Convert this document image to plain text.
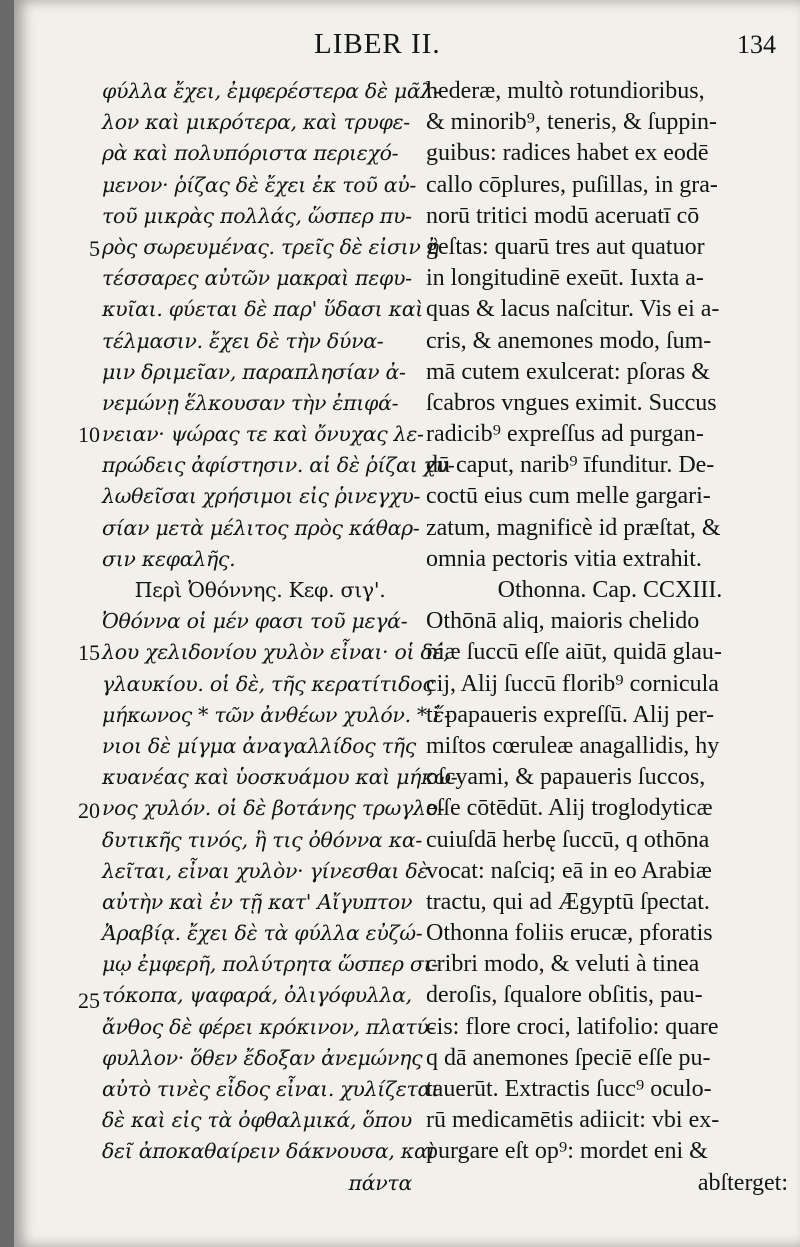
LIBER II.	134
φύλλα ἔχει, ἐμφερέστερα δὲ μᾶλ-
λον καὶ μικρότερα, καὶ τρυφε-
ρὰ καὶ πολυπόριστα περιεχό-
μενον· ῥίζας δὲ ἔχει ἐκ τοῦ αὐ-
τοῦ μικρὰς πολλάς, ὥσπερ πυ-
ρὸς σωρευμένας. τρεῖς δὲ εἰσιν ἢ
τέσσαρες αὐτῶν μακραὶ πεφυ-
κυῖαι. φύεται δὲ παρ' ὕδασι καὶ
τέλμασιν. ἔχει δὲ τὴν δύνα-
μιν δριμεῖαν, παραπλησίαν ἀ-
νεμώνῃ ἕλκουσαν τὴν ἐπιφά-
νειαν· ψώρας τε καὶ ὄνυχας λε-
πρώδεις ἀφίστησιν. αἱ δὲ ῥίζαι χυ-
λωθεῖσαι χρήσιμοι εἰς ῥινεγχυ-
σίαν μετὰ μέλιτος πρὸς κάθαρ-
σιν κεφαλῆς.
Περὶ Ὀθόννης. Κεφ. σιγ'.
Ὀθόννα οἱ μέν φασι τοῦ μεγά-
λου χελιδονίου χυλὸν εἶναι· οἱ δέ,
γλαυκίου. οἱ δὲ, τῆς κερατίτιδος
μήκωνος * τῶν ἀνθέων χυλόν. * ἔ-
νιοι δὲ μίγμα ἀναγαλλίδος τῆς
κυανέας καὶ ὑοσκυάμου καὶ μήκω-
νος χυλόν. οἱ δὲ βοτάνης τρωγλο-
δυτικῆς τινός, ἣ τις ὀθόννα κα-
λεῖται, εἶναι χυλὸν· γίνεσθαι δὲ
αὐτὴν καὶ ἐν τῇ κατ' Αἴγυπτον
Ἀραβίᾳ. ἔχει δὲ τὰ φύλλα εὐζώ-
μῳ ἐμφερῆ, πολύτρητα ὥσπερ σι-
τόκοπα, ψαφαρά, ὀλιγόφυλλα,
ἄνθος δὲ φέρει κρόκινον, πλατύ-
φυλλον· ὅθεν ἔδοξαν ἀνεμώνης
αὐτὸ τινὲς εἶδος εἶναι. χυλίζεται
δὲ καὶ εἰς τὰ ὀφθαλμικά, ὅπου
δεῖ ἀποκαθαίρειν δάκνουσα, καὶ
πάντα
hederæ, multò rotundioribus,
& minorib⁹, teneris, & ſuppin-
guibus: radices habet ex eodē
callo cōplures, puſillas, in gra-
norū tritici modū aceruatī cō
geſtas: quarū tres aut quatuor
in longitudinē exeūt. Iuxta a-
quas & lacus naſcitur. Vis ei a-
cris, & anemones modo, ſum-
mā cutem exulcerat: pſoras &
ſcabros vngues eximit. Succus
radicib⁹ expreſſus ad purgan-
dū caput, narib⁹ īfunditur. De-
coctū eius cum melle gargari-
zatum, magnificè id præſtat, &
omnia pectoris vitia extrahit.
Othonna. Cap. CCXIII.
Othōnā aliq, maioris chelido
niæ ſuccū eſſe aiūt, quidā glau-
cij, Alij ſuccū florib⁹ cornicula
ti papaueris expreſſū. Alij per-
miſtos cœruleæ anagallidis, hy
oſcyami, & papaueris ſuccos,
eſſe cōtēdūt. Alij troglodyticæ
cuiuſdā herbę ſuccū, q othōna
vocat: naſciq; eā in eo Arabiæ
tractu, qui ad Ægyptū ſpectat.
Othonna foliis erucæ, pforatis
cribri modo, & veluti à tinea
deroſis, ſqualore obſitis, pau-
cis: flore croci, latifolio: quare
q dā anemones ſpeciē eſſe pu-
tauerūt. Extractis ſucc⁹ oculo-
rū medicamētis adiicit: vbi ex-
purgare eſt op⁹: mordet eni &
abſterget:
5
10
15
20
25
